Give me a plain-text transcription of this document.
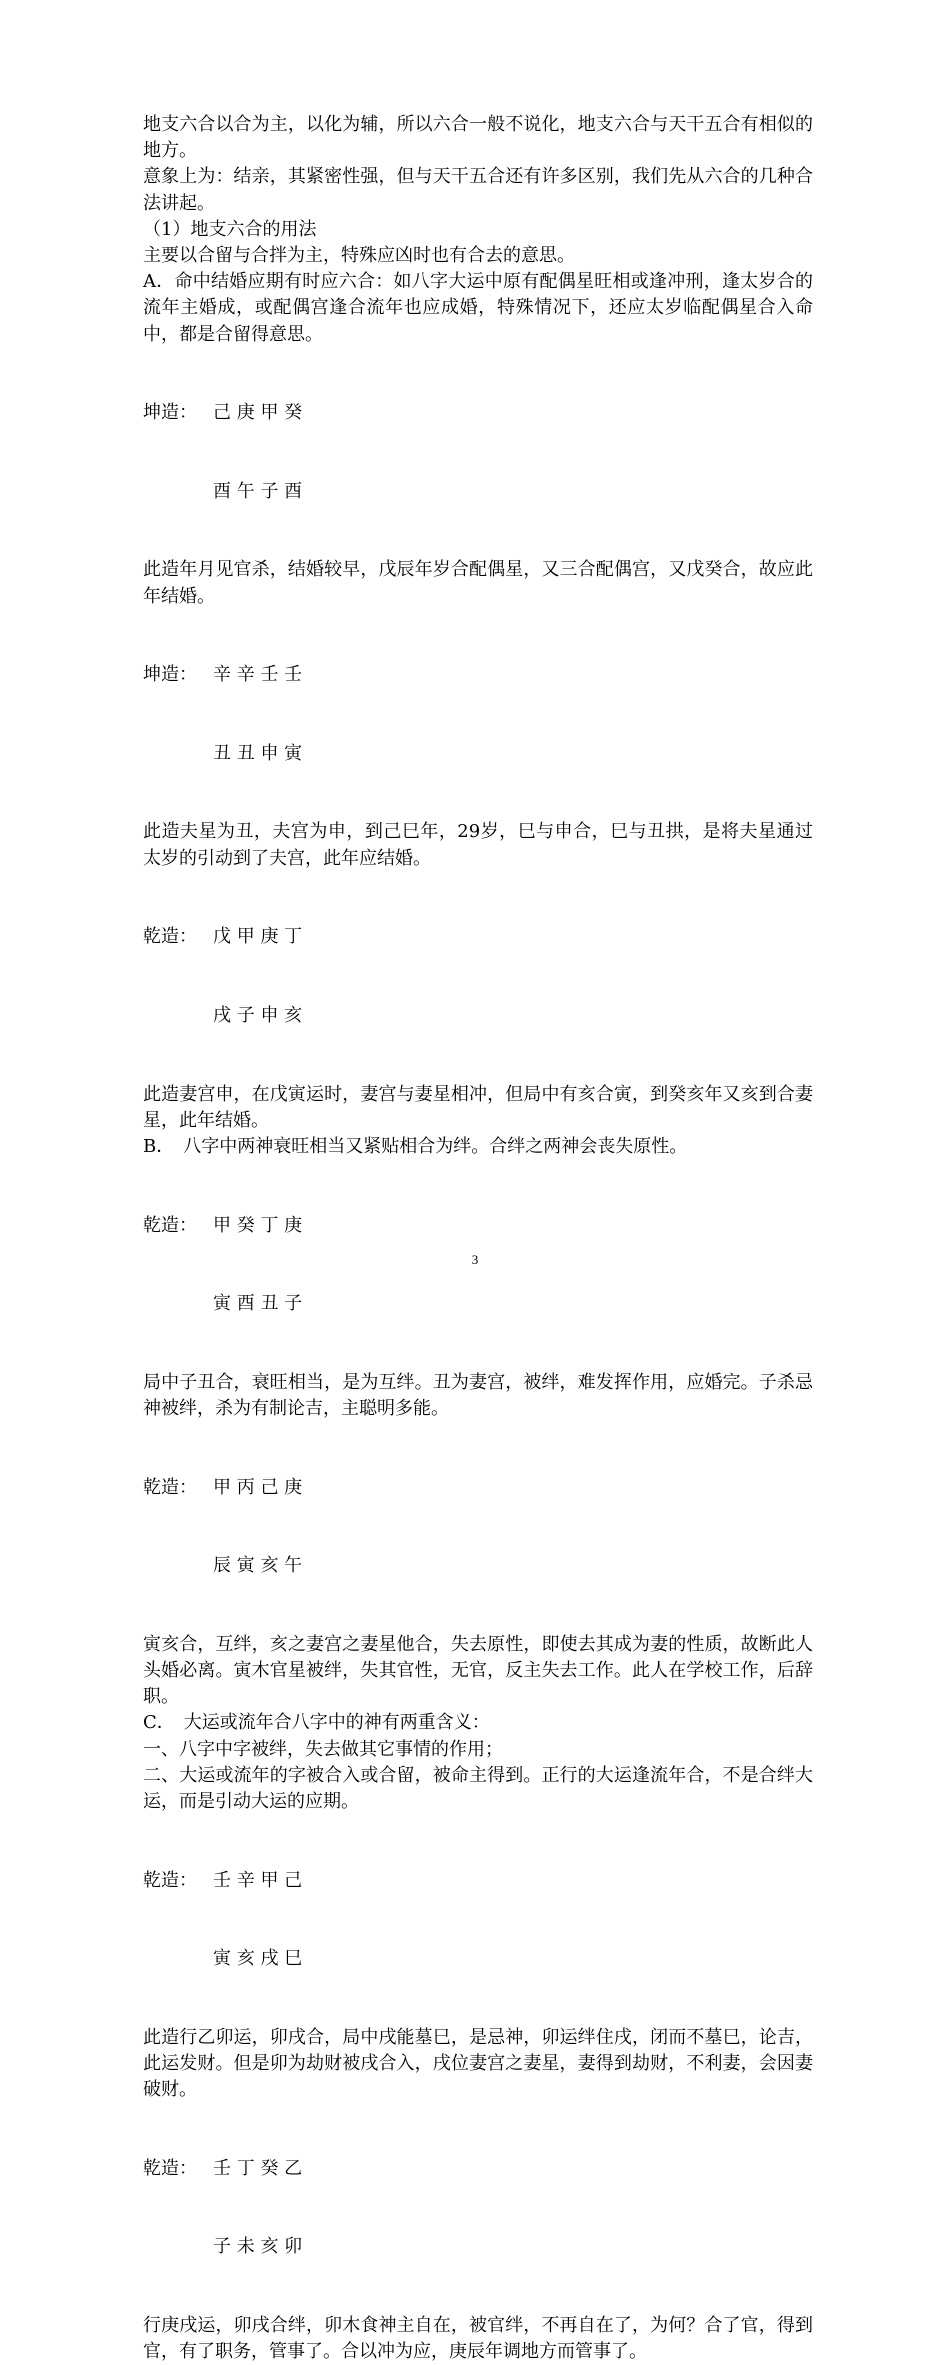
地支六合以合为主，以化为辅，所以六合一般不说化，地支六合与天干五合有相似的地方。

意象上为：结亲，其紧密性强，但与天干五合还有许多区别，我们先从六合的几种合法讲起。

（1）地支六合的用法

主要以合留与合拌为主，特殊应凶时也有合去的意思。

A．命中结婚应期有时应六合：如八字大运中原有配偶星旺相或逢冲刑，逢太岁合的流年主婚成，或配偶宫逢合流年也应成婚，特殊情况下，还应太岁临配偶星合入命中，都是合留得意思。

坤造： 己 庚 甲 癸

酉 午 子 酉

此造年月见官杀，结婚较早，戊辰年岁合配偶星，又三合配偶宫，又戊癸合，故应此年结婚。

坤造： 辛 辛 壬 壬

丑 丑 申 寅

此造夫星为丑，夫宫为申，到己巳年，29岁，巳与申合，巳与丑拱，是将夫星通过太岁的引动到了夫宫，此年应结婚。

乾造： 戊 甲 庚 丁

戌 子 申 亥

此造妻宫申，在戊寅运时，妻宫与妻星相冲，但局中有亥合寅，到癸亥年又亥到合妻星，此年结婚。

B．　八字中两神衰旺相当又紧贴相合为绊。合绊之两神会丧失原性。

乾造： 甲 癸 丁 庚

寅 酉 丑 子

局中子丑合，衰旺相当，是为互绊。丑为妻宫，被绊，难发挥作用，应婚完。子杀忌神被绊，杀为有制论吉，主聪明多能。

乾造： 甲 丙 己 庚

辰 寅 亥 午

寅亥合，互绊，亥之妻宫之妻星他合，失去原性，即使去其成为妻的性质，故断此人头婚必离。寅木官星被绊，失其官性，无官，反主失去工作。此人在学校工作，后辞职。

C．　大运或流年合八字中的神有两重含义：

一、八字中字被绊，失去做其它事情的作用；

二、大运或流年的字被合入或合留，被命主得到。正行的大运逢流年合，不是合绊大运，而是引动大运的应期。

乾造： 壬 辛 甲 己

寅 亥 戌 巳

此造行乙卯运，卯戌合，局中戌能墓巳，是忌神，卯运绊住戌，闭而不墓巳，论吉，此运发财。但是卯为劫财被戌合入，戌位妻宫之妻星，妻得到劫财，不利妻，会因妻破财。

乾造： 壬 丁 癸 乙

子 未 亥 卯

行庚戌运，卯戌合绊，卯木食神主自在，被官绊，不再自在了，为何？合了官，得到官，有了职务，管事了。合以冲为应，庚辰年调地方而管事了。

3
